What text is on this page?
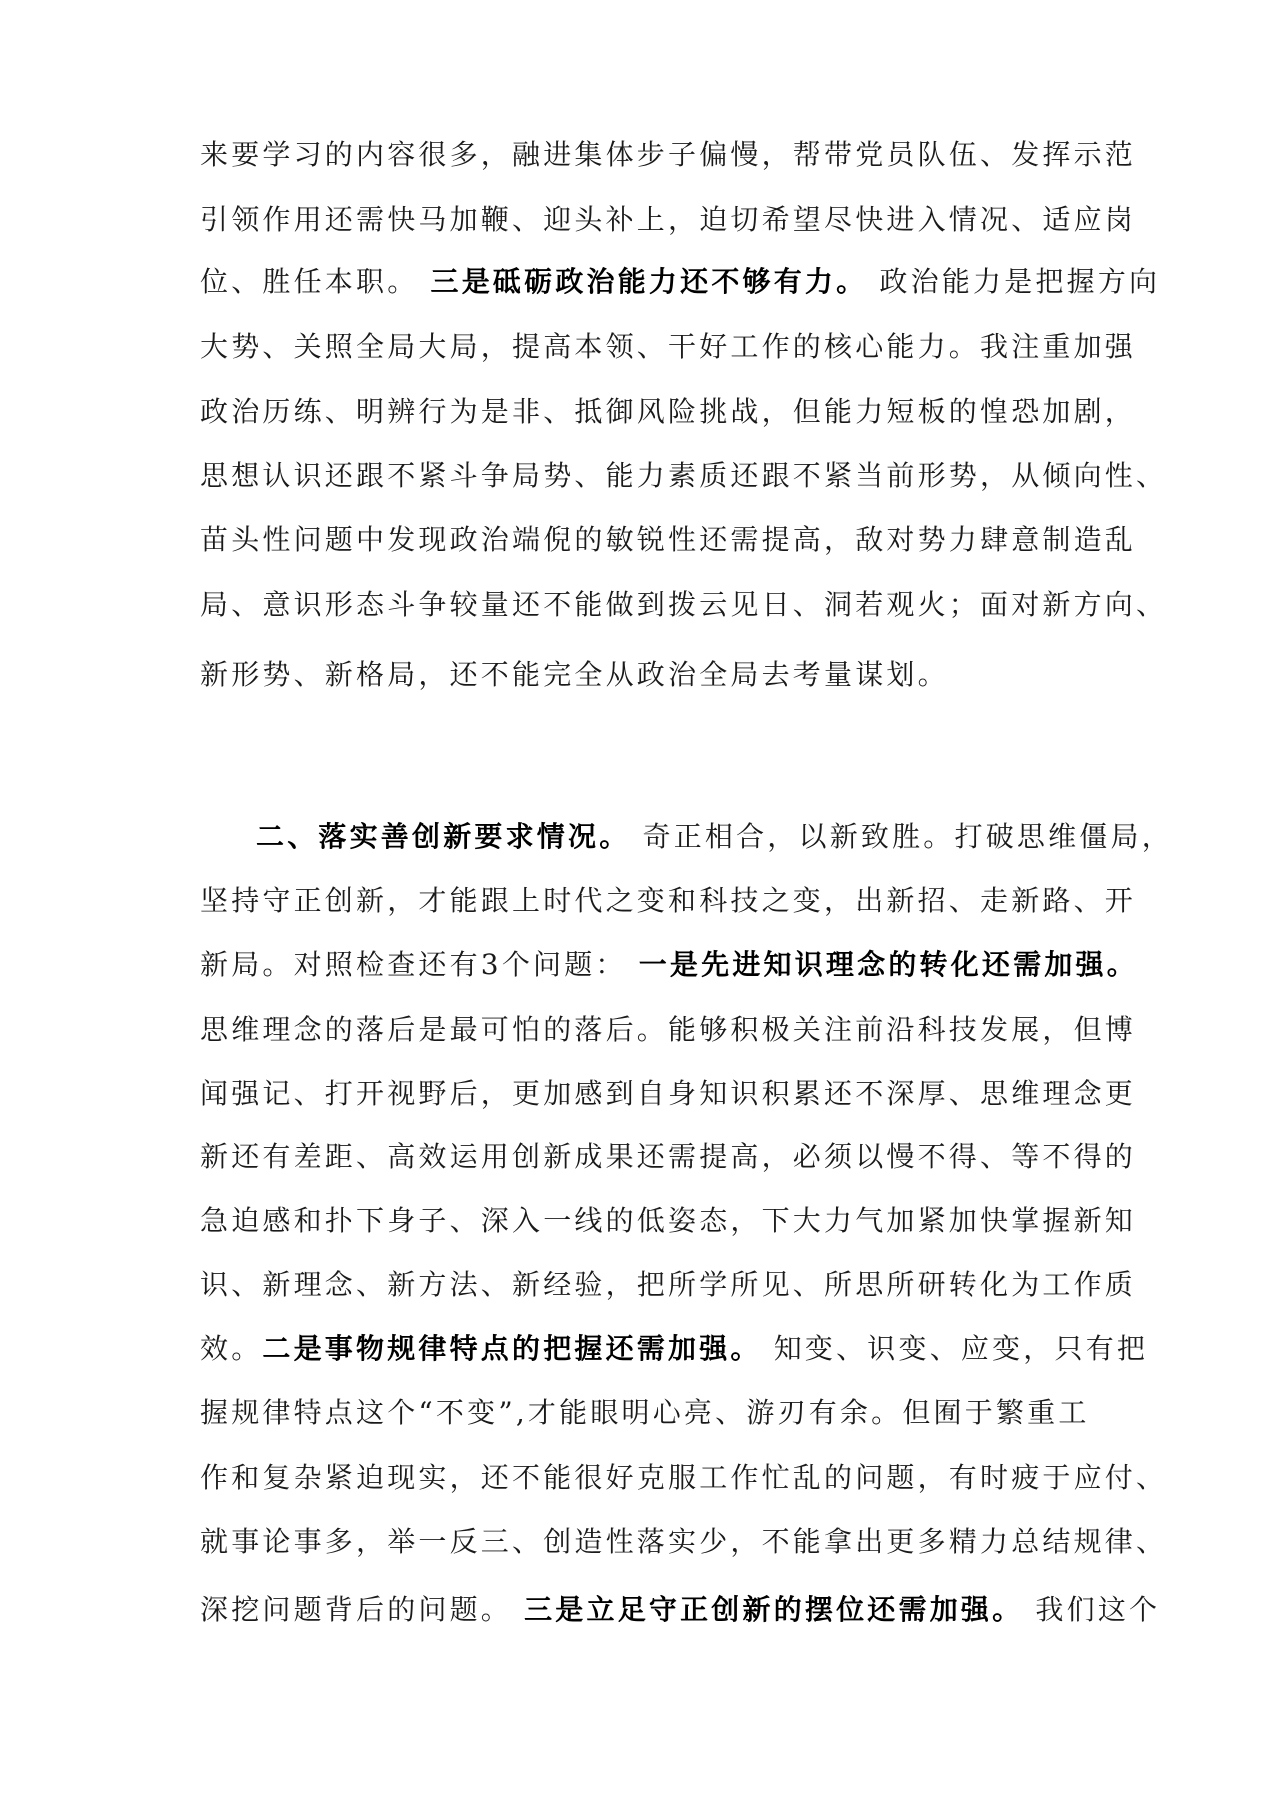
来要学习的内容很多，融进集体步子偏慢，帮带党员队伍、发挥示范
引领作用还需快马加鞭、迎头补上，迫切希望尽快进入情况、适应岗
位、胜任本职。 三是砥砺政治能力还不够有力。 政治能力是把握方向
大势、关照全局大局，提高本领、干好工作的核心能力。我注重加强
政治历练、明辨行为是非、抵御风险挑战，但能力短板的惶恐加剧，
思想认识还跟不紧斗争局势、能力素质还跟不紧当前形势，从倾向性、
苗头性问题中发现政治端倪的敏锐性还需提高，敌对势力肆意制造乱
局、意识形态斗争较量还不能做到拨云见日、洞若观火；面对新方向、
新形势、新格局，还不能完全从政治全局去考量谋划。
二、落实善创新要求情况。 奇正相合，以新致胜。打破思维僵局，
坚持守正创新，才能跟上时代之变和科技之变，出新招、走新路、开
新局。对照检查还有3个问题： 一是先进知识理念的转化还需加强。
思维理念的落后是最可怕的落后。能够积极关注前沿科技发展，但博
闻强记、打开视野后，更加感到自身知识积累还不深厚、思维理念更
新还有差距、高效运用创新成果还需提高，必须以慢不得、等不得的
急迫感和扑下身子、深入一线的低姿态，下大力气加紧加快掌握新知
识、新理念、新方法、新经验，把所学所见、所思所研转化为工作质
效。二是事物规律特点的把握还需加强。 知变、识变、应变，只有把
握规律特点这个“不变”,才能眼明心亮、游刃有余。但囿于繁重工
作和复杂紧迫现实，还不能很好克服工作忙乱的问题，有时疲于应付、
就事论事多，举一反三、创造性落实少，不能拿出更多精力总结规律、
深挖问题背后的问题。 三是立足守正创新的摆位还需加强。 我们这个
